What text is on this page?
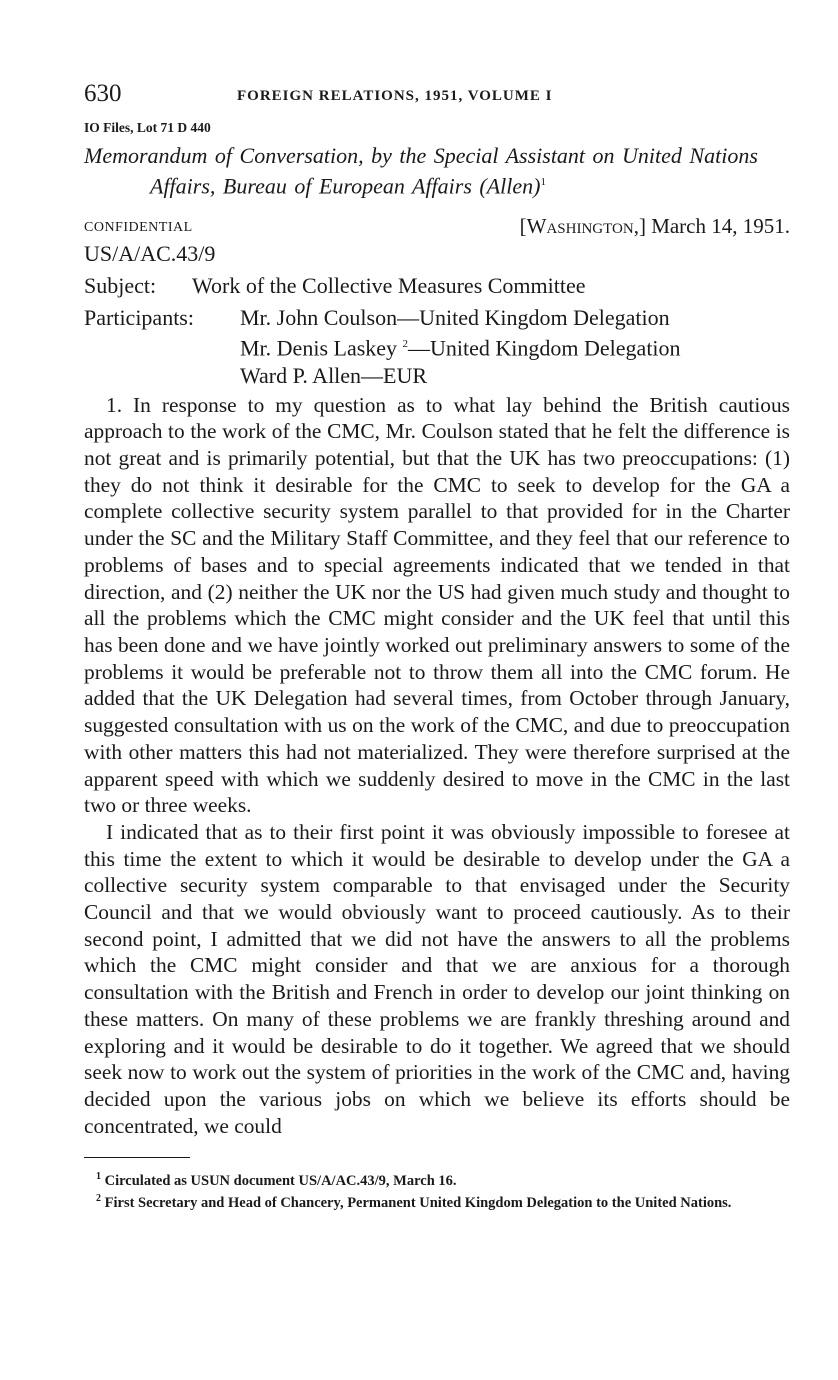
630	FOREIGN RELATIONS, 1951, VOLUME I
IO Files, Lot 71 D 440
Memorandum of Conversation, by the Special Assistant on United Nations Affairs, Bureau of European Affairs (Allen)$^1$
CONFIDENTIAL	[Washington,] March 14, 1951.
US/A/AC.43/9
Subject: Work of the Collective Measures Committee
Participants:	Mr. John Coulson—United Kingdom Delegation
Mr. Denis Laskey $^2$—United Kingdom Delegation
Ward P. Allen—EUR

1. In response to my question as to what lay behind the British cautious approach to the work of the CMC, Mr. Coulson stated that he felt the difference is not great and is primarily potential, but that the UK has two preoccupations: (1) they do not think it desirable for the CMC to seek to develop for the GA a complete collective security system parallel to that provided for in the Charter under the SC and the Military Staff Committee, and they feel that our reference to problems of bases and to special agreements indicated that we tended in that direction, and (2) neither the UK nor the US had given much study and thought to all the problems which the CMC might consider and the UK feel that until this has been done and we have jointly worked out preliminary answers to some of the problems it would be preferable not to throw them all into the CMC forum. He added that the UK Delegation had several times, from October through January, suggested consultation with us on the work of the CMC, and due to preoccupation with other matters this had not materialized. They were therefore surprised at the apparent speed with which we suddenly desired to move in the CMC in the last two or three weeks.

I indicated that as to their first point it was obviously impossible to foresee at this time the extent to which it would be desirable to develop under the GA a collective security system comparable to that envisaged under the Security Council and that we would obviously want to proceed cautiously. As to their second point, I admitted that we did not have the answers to all the problems which the CMC might consider and that we are anxious for a thorough consultation with the British and French in order to develop our joint thinking on these matters. On many of these problems we are frankly threshing around and exploring and it would be desirable to do it together. We agreed that we should seek now to work out the system of priorities in the work of the CMC and, having decided upon the various jobs on which we believe its efforts should be concentrated, we could

$^1$ Circulated as USUN document US/A/AC.43/9, March 16.

$^2$ First Secretary and Head of Chancery, Permanent United Kingdom Delegation to the United Nations.
